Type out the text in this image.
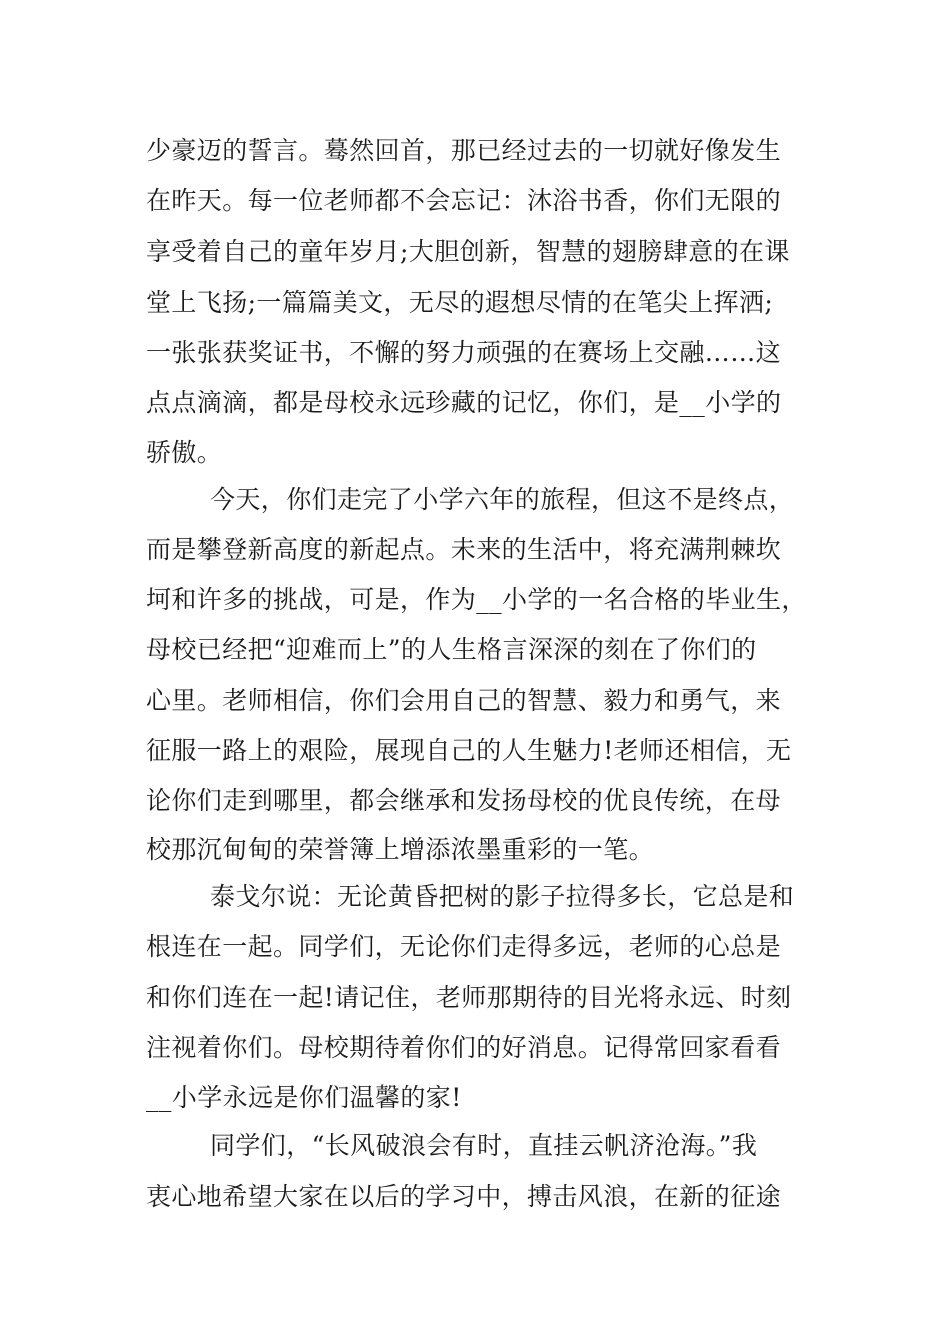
少豪迈的誓言。蓦然回首，那已经过去的一切就好像发生
在昨天。每一位老师都不会忘记：沐浴书香，你们无限的
享受着自己的童年岁月;大胆创新，智慧的翅膀肆意的在课
堂上飞扬;一篇篇美文，无尽的遐想尽情的在笔尖上挥洒;
一张张获奖证书，不懈的努力顽强的在赛场上交融……这
点点滴滴，都是母校永远珍藏的记忆，你们，是__小学的
骄傲。
今天，你们走完了小学六年的旅程，但这不是终点，
而是攀登新高度的新起点。未来的生活中，将充满荆棘坎
坷和许多的挑战，可是，作为__小学的一名合格的毕业生，
母校已经把“迎难而上”的人生格言深深的刻在了你们的
心里。老师相信，你们会用自己的智慧、毅力和勇气，来
征服一路上的艰险，展现自己的人生魅力!老师还相信，无
论你们走到哪里，都会继承和发扬母校的优良传统，在母
校那沉甸甸的荣誉簿上增添浓墨重彩的一笔。
泰戈尔说：无论黄昏把树的影子拉得多长，它总是和
根连在一起。同学们，无论你们走得多远，老师的心总是
和你们连在一起!请记住，老师那期待的目光将永远、时刻
注视着你们。母校期待着你们的好消息。记得常回家看看
__小学永远是你们温馨的家!
同学们，“长风破浪会有时，直挂云帆济沧海。”我
衷心地希望大家在以后的学习中，搏击风浪，在新的征途
